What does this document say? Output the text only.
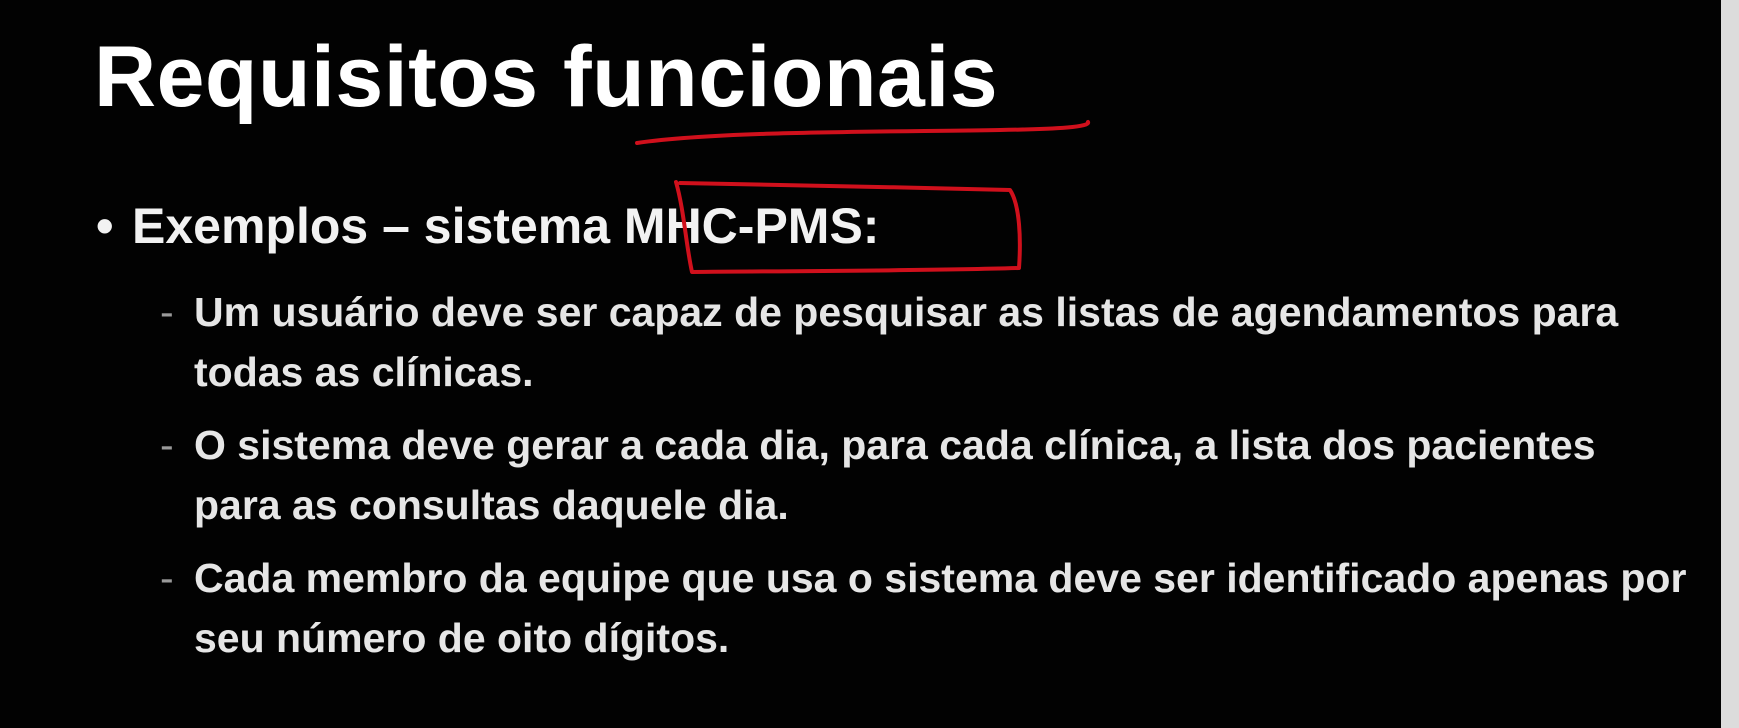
Requisitos funcionais
• Exemplos – sistema MHC-PMS:
- Um usuário deve ser capaz de pesquisar as listas de agendamentos para todas as clínicas.
- O sistema deve gerar a cada dia, para cada clínica, a lista dos pacientes para as consultas daquele dia.
- Cada membro da equipe que usa o sistema deve ser identificado apenas por seu número de oito dígitos.
